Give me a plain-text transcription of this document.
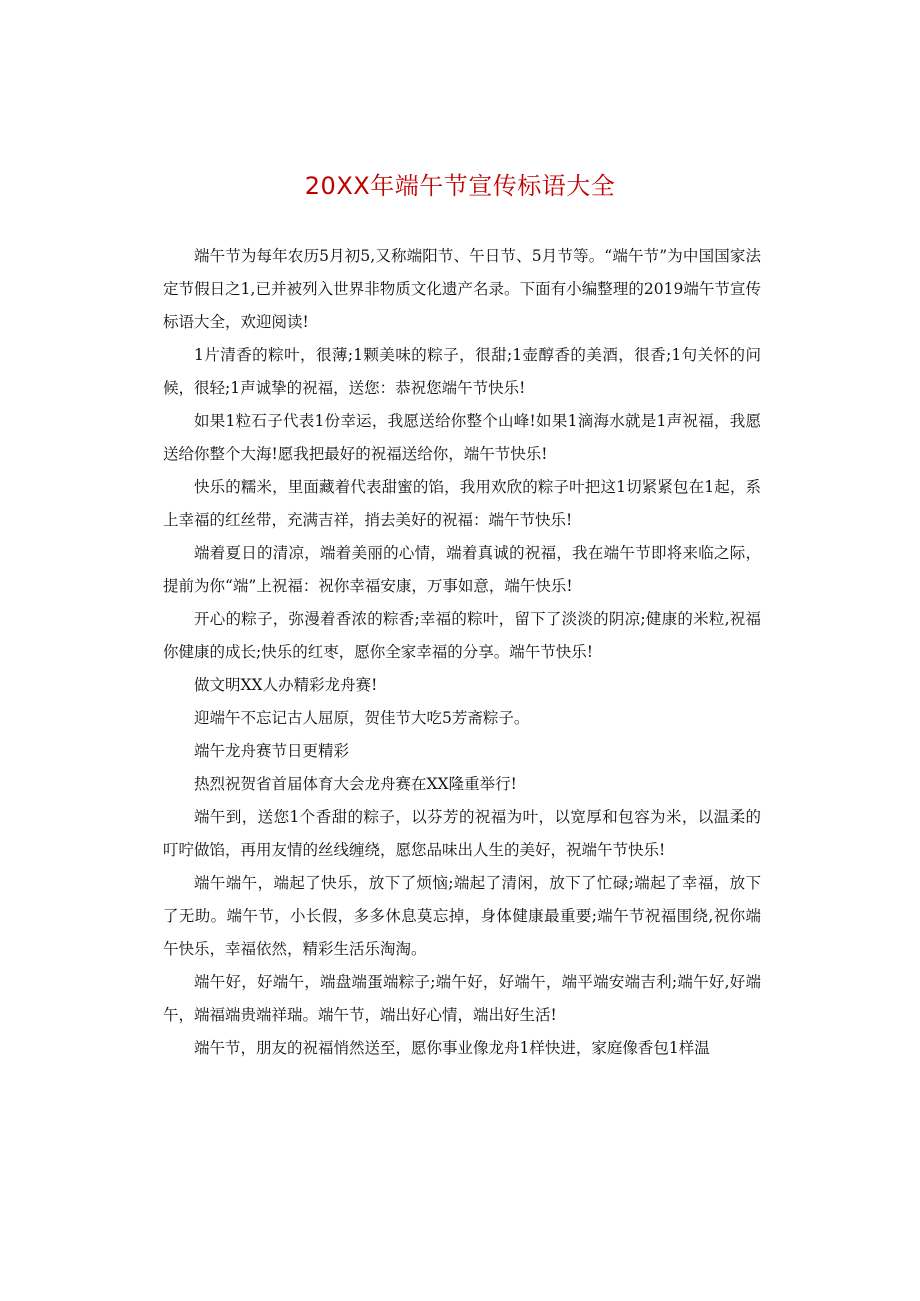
20XX年端午节宣传标语大全

端午节为每年农历5月初5,又称端阳节、午日节、5月节等。“端午节”为中国国家法定节假日之1,已并被列入世界非物质文化遗产名录。下面有小编整理的2019端午节宣传标语大全，欢迎阅读!

1片清香的粽叶，很薄;1颗美味的粽子，很甜;1壶醇香的美酒，很香;1句关怀的问候，很轻;1声诚挚的祝福，送您：恭祝您端午节快乐!

如果1粒石子代表1份幸运，我愿送给你整个山峰!如果1滴海水就是1声祝福，我愿送给你整个大海!愿我把最好的祝福送给你，端午节快乐!

快乐的糯米，里面藏着代表甜蜜的馅，我用欢欣的粽子叶把这1切紧紧包在1起，系上幸福的红丝带，充满吉祥，捎去美好的祝福：端午节快乐!

端着夏日的清凉，端着美丽的心情，端着真诚的祝福，我在端午节即将来临之际，提前为你“端”上祝福：祝你幸福安康，万事如意，端午快乐!

开心的粽子，弥漫着香浓的粽香;幸福的粽叶，留下了淡淡的阴凉;健康的米粒,祝福你健康的成长;快乐的红枣，愿你全家幸福的分享。端午节快乐!

做文明XX人办精彩龙舟赛!

迎端午不忘记古人屈原，贺佳节大吃5芳斋粽子。

端午龙舟赛节日更精彩

热烈祝贺省首届体育大会龙舟赛在XX隆重举行!

端午到，送您1个香甜的粽子，以芬芳的祝福为叶，以宽厚和包容为米，以温柔的叮咛做馅，再用友情的丝线缠绕，愿您品味出人生的美好，祝端午节快乐!

端午端午，端起了快乐，放下了烦恼;端起了清闲，放下了忙碌;端起了幸福，放下了无助。端午节，小长假，多多休息莫忘掉，身体健康最重要;端午节祝福围绕,祝你端午快乐，幸福依然，精彩生活乐淘淘。

端午好，好端午，端盘端蛋端粽子;端午好，好端午，端平端安端吉利;端午好,好端午，端福端贵端祥瑞。端午节，端出好心情，端出好生活!

端午节，朋友的祝福悄然送至，愿你事业像龙舟1样快进，家庭像香包1样温
